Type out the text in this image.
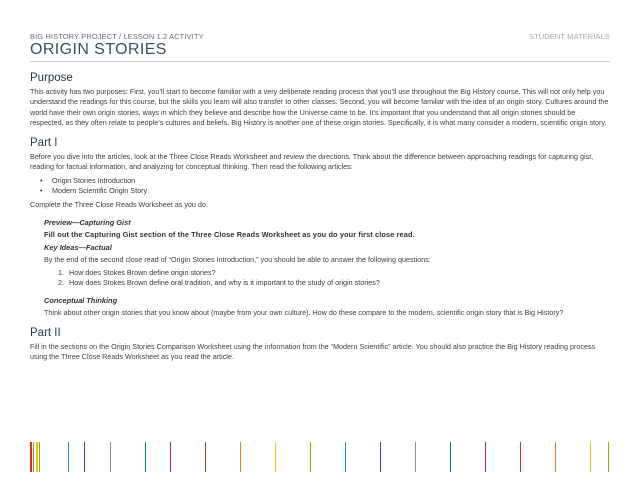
BIG HISTORY PROJECT / LESSON 1.2 ACTIVITY	STUDENT MATERIALS
ORIGIN STORIES
Purpose

This activity has two purposes: First, you’ll start to become familiar with a very deliberate reading process that you’ll use throughout the Big History course. This will not only help you understand the readings for this course, but the skills you learn will also transfer to other classes. Second, you will become familiar with the idea of an origin story. Cultures around the world have their own origin stories, ways in which they believe and describe how the Universe came to be. It’s important that you understand that all origin stories should be respected, as they often relate to people’s cultures and beliefs. Big History is another one of these origin stories. Specifically, it is what many consider a modern, scientific origin story.

Part I

Before you dive into the articles, look at the Three Close Reads Worksheet and review the directions. Think about the difference between approaching readings for capturing gist, reading for factual information, and analyzing for conceptual thinking. Then read the following articles:

• Origin Stories Introduction
• Modern Scientific Origin Story

Complete the Three Close Reads Worksheet as you do.

Preview—Capturing Gist
Fill out the Capturing Gist section of the Three Close Reads Worksheet as you do your first close read.
Key Ideas—Factual

By the end of the second close read of “Origin Stories Introduction,” you should be able to answer the following questions:

1. How does Stokes Brown define origin stories?
2. How does Stokes Brown define oral tradition, and why is it important to the study of origin stories?
Conceptual Thinking

Think about other origin stories that you know about (maybe from your own culture). How do these compare to the modern, scientific origin story that is Big History?

Part II

Fill in the sections on the Origin Stories Comparison Worksheet using the information from the “Modern Scientific” article. You should also practice the Big History reading process using the Three Close Reads Worksheet as you read the article.
